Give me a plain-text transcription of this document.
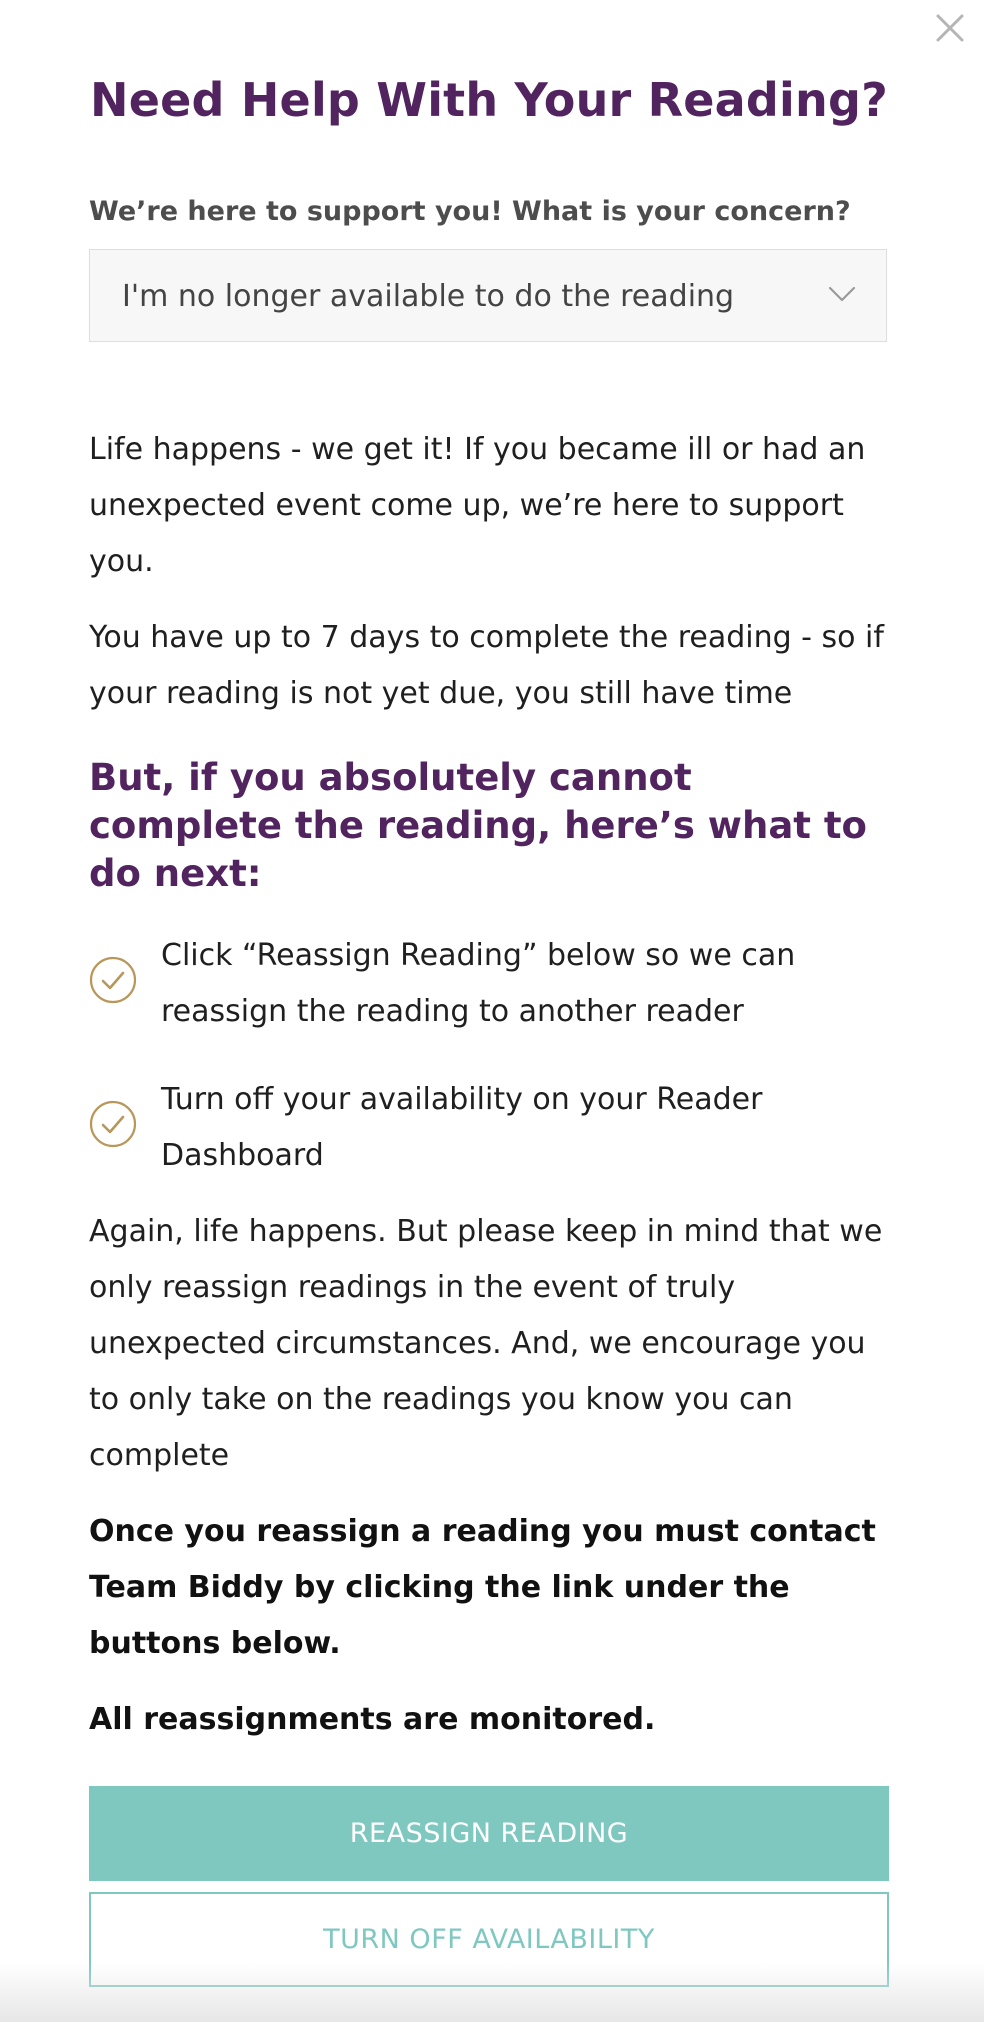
Need Help With Your Reading?
We’re here to support you! What is your concern?
I'm no longer available to do the reading

Life happens - we get it! If you became ill or had an unexpected event come up, we’re here to support you.

You have up to 7 days to complete the reading - so if your reading is not yet due, you still have time

But, if you absolutely cannot complete the reading, here’s what to do next:
Click “Reassign Reading” below so we can reassign the reading to another reader
Turn off your availability on your Reader Dashboard

Again, life happens. But please keep in mind that we only reassign readings in the event of truly unexpected circumstances. And, we encourage you to only take on the readings you know you can complete

Once you reassign a reading you must contact Team Biddy by clicking the link under the buttons below.

All reassignments are monitored.

REASSIGN READING
TURN OFF AVAILABILITY
